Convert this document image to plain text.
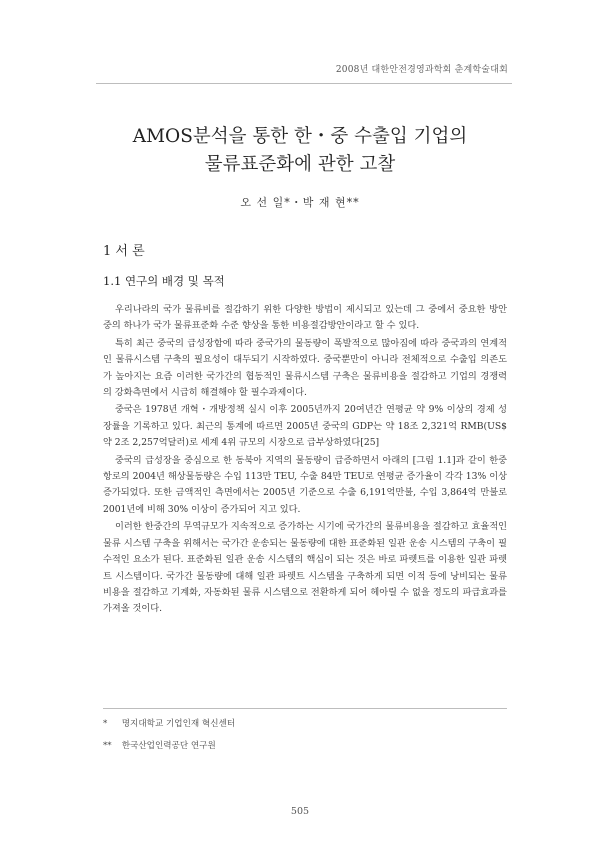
2008년 대한안전경영과학회 춘계학술대회
AMOS분석을 통한 한・중 수출입 기업의
물류표준화에 관한 고찰
오 선 일*・박 재 현**
1 서 론
1.1 연구의 배경 및 목적

우리나라의 국가 물류비를 절감하기 위한 다양한 방법이 제시되고 있는데 그 중에서 중요한 방안 중의 하나가 국가 물류표준화 수준 향상을 통한 비용절감방안이라고 할 수 있다.

특히 최근 중국의 급성장함에 따라 중국가의 물동량이 폭발적으로 많아짐에 따라 중국과의 연계적인 물류시스템 구축의 필요성이 대두되기 시작하였다. 중국뿐만이 아니라 전체적으로 수출입 의존도가 높아지는 요즘 이러한 국가간의 협동적인 물류시스템 구축은 물류비용을 절감하고 기업의 경쟁력의 강화측면에서 시급히 해결해야 할 필수과제이다.

중국은 1978년 개혁・개방정책 실시 이후 2005년까지 20여년간 연평균 약 9% 이상의 경제 성장률을 기록하고 있다. 최근의 통계에 따르면 2005년 중국의 GDP는 약 18조 2,321억 RMB(US$ 약 2조 2,257억달러)로 세계 4위 규모의 시장으로 급부상하였다[25]

중국의 급성장을 중심으로 한 동북아 지역의 물동량이 급증하면서 아래의 [그림 1.1]과 같이 한중항로의 2004년 해상물동량은 수입 113만 TEU, 수출 84만 TEU로 연평균 증가율이 각각 13% 이상 증가되었다. 또한 금액적인 측면에서는 2005년 기준으로 수출 6,191억만불, 수입 3,864억 만불로 2001년에 비해 30% 이상이 증가되어 지고 있다.

이러한 한중간의 무역규모가 지속적으로 증가하는 시기에 국가간의 물류비용을 절감하고 효율적인 물류 시스템 구축을 위해서는 국가간 운송되는 물동량에 대한 표준화된 일관 운송 시스템의 구축이 필수적인 요소가 된다. 표준화된 일관 운송 시스템의 핵심이 되는 것은 바로 파렛트를 이용한 일관 파렛트 시스템이다. 국가간 물동량에 대해 일관 파렛트 시스템을 구축하게 되면 이적 등에 낭비되는 물류 비용을 절감하고 기계화, 자동화된 물류 시스템으로 전환하게 되어 헤아릴 수 없을 정도의 파급효과를 가져올 것이다.

* 명지대학교 기업인재 혁신센터
** 한국산업인력공단 연구원
505
